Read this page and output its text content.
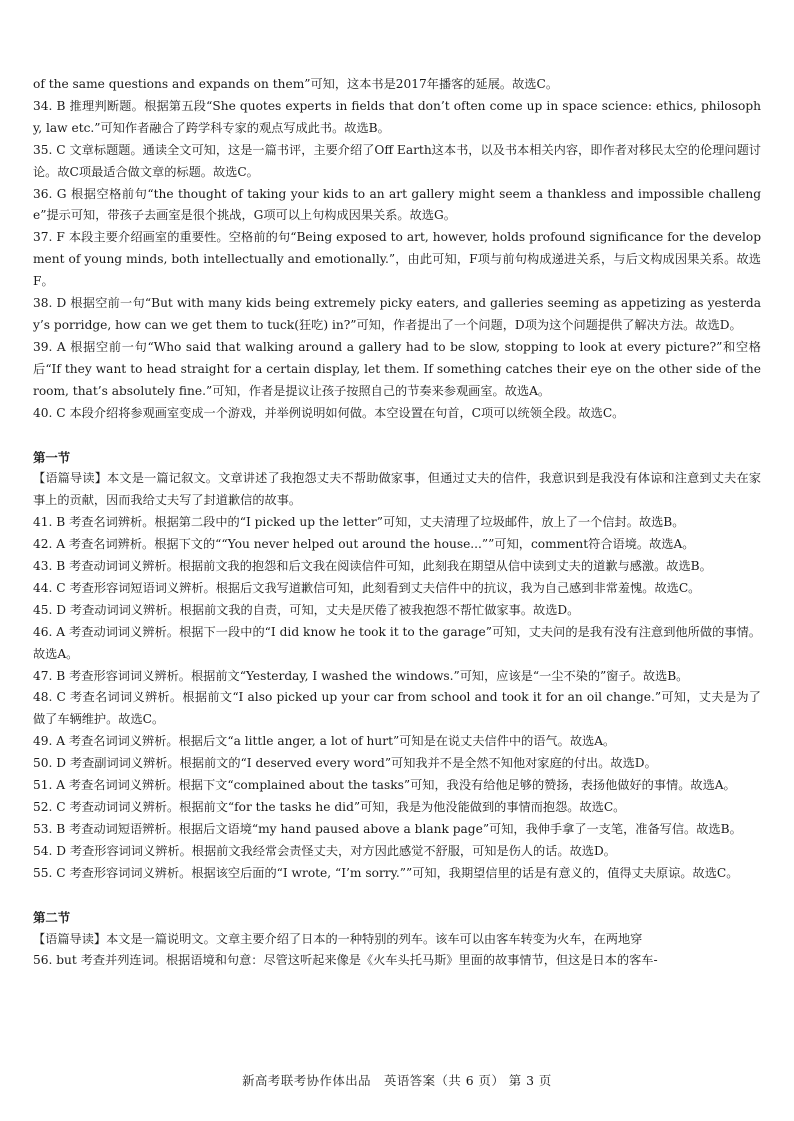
of the same questions and expands on them”可知，这本书是2017年播客的延展。故选C。

34. B 推理判断题。根据第五段“She quotes experts in fields that don’t often come up in space science: ethics, philosophy, law etc.”可知作者融合了跨学科专家的观点写成此书。故选B。

35. C 文章标题题。通读全文可知，这是一篇书评，主要介绍了Off Earth这本书，以及书本相关内容，即作者对移民太空的伦理问题讨论。故C项最适合做文章的标题。故选C。

36. G 根据空格前句“the thought of taking your kids to an art gallery might seem a thankless and impossible challenge”提示可知，带孩子去画室是很个挑战，G项可以上句构成因果关系。故选G。

37. F 本段主要介绍画室的重要性。空格前的句“Being exposed to art, however, holds profound significance for the development of young minds, both intellectually and emotionally.”，由此可知，F项与前句构成递进关系，与后文构成因果关系。故选F。

38. D 根据空前一句“But with many kids being extremely picky eaters, and galleries seeming as appetizing as yesterday’s porridge, how can we get them to tuck(狂吃) in?”可知，作者提出了一个问题，D项为这个问题提供了解决方法。故选D。

39. A 根据空前一句“Who said that walking around a gallery had to be slow, stopping to look at every picture?”和空格后“If they want to head straight for a certain display, let them. If something catches their eye on the other side of the room, that’s absolutely fine.”可知，作者是提议让孩子按照自己的节奏来参观画室。故选A。

40. C 本段介绍将参观画室变成一个游戏，并举例说明如何做。本空设置在句首，C项可以统领全段。故选C。

第一节

【语篇导读】本文是一篇记叙文。文章讲述了我抱怨丈夫不帮助做家事，但通过丈夫的信件，我意识到是我没有体谅和注意到丈夫在家事上的贡献，因而我给丈夫写了封道歉信的故事。

41. B 考查名词辨析。根据第二段中的“I picked up the letter”可知，丈夫清理了垃圾邮件，放上了一个信封。故选B。

42. A 考查名词辨析。根据下文的““You never helped out around the house...””可知，comment符合语境。故选A。

43. B 考查动词词义辨析。根据前文我的抱怨和后文我在阅读信件可知，此刻我在期望从信中读到丈夫的道歉与感激。故选B。

44. C 考查形容词短语词义辨析。根据后文我写道歉信可知，此刻看到丈夫信件中的抗议，我为自己感到非常羞愧。故选C。

45. D 考查动词词义辨析。根据前文我的自责，可知，丈夫是厌倦了被我抱怨不帮忙做家事。故选D。

46. A 考查动词词义辨析。根据下一段中的“I did know he took it to the garage”可知，丈夫问的是我有没有注意到他所做的事情。故选A。

47. B 考查形容词词义辨析。根据前文“Yesterday, I washed the windows.”可知，应该是“一尘不染的”窗子。故选B。

48. C 考查名词词义辨析。根据前文“I also picked up your car from school and took it for an oil change.”可知，丈夫是为了做了车辆维护。故选C。

49. A 考查名词词义辨析。根据后文“a little anger, a lot of hurt”可知是在说丈夫信件中的语气。故选A。

50. D 考查副词词义辨析。根据前文的“I deserved every word”可知我并不是全然不知他对家庭的付出。故选D。

51. A 考查名词词义辨析。根据下文“complained about the tasks”可知，我没有给他足够的赞扬，表扬他做好的事情。故选A。

52. C 考查动词词义辨析。根据前文“for the tasks he did”可知，我是为他没能做到的事情而抱怨。故选C。

53. B 考查动词短语辨析。根据后文语境“my hand paused above a blank page”可知，我伸手拿了一支笔，准备写信。故选B。

54. D 考查形容词词义辨析。根据前文我经常会责怪丈夫，对方因此感觉不舒服，可知是伤人的话。故选D。

55. C 考查形容词词义辨析。根据该空后面的“I wrote, “I’m sorry.””可知，我期望信里的话是有意义的，值得丈夫原谅。故选C。

第二节

【语篇导读】本文是一篇说明文。文章主要介绍了日本的一种特别的列车。该车可以由客车转变为火车，在两地穿

56. but 考查并列连词。根据语境和句意：尽管这听起来像是《火车头托马斯》里面的故事情节，但这是日本的客车-

新高考联考协作体出品　英语答案（共 6 页） 第 3 页
